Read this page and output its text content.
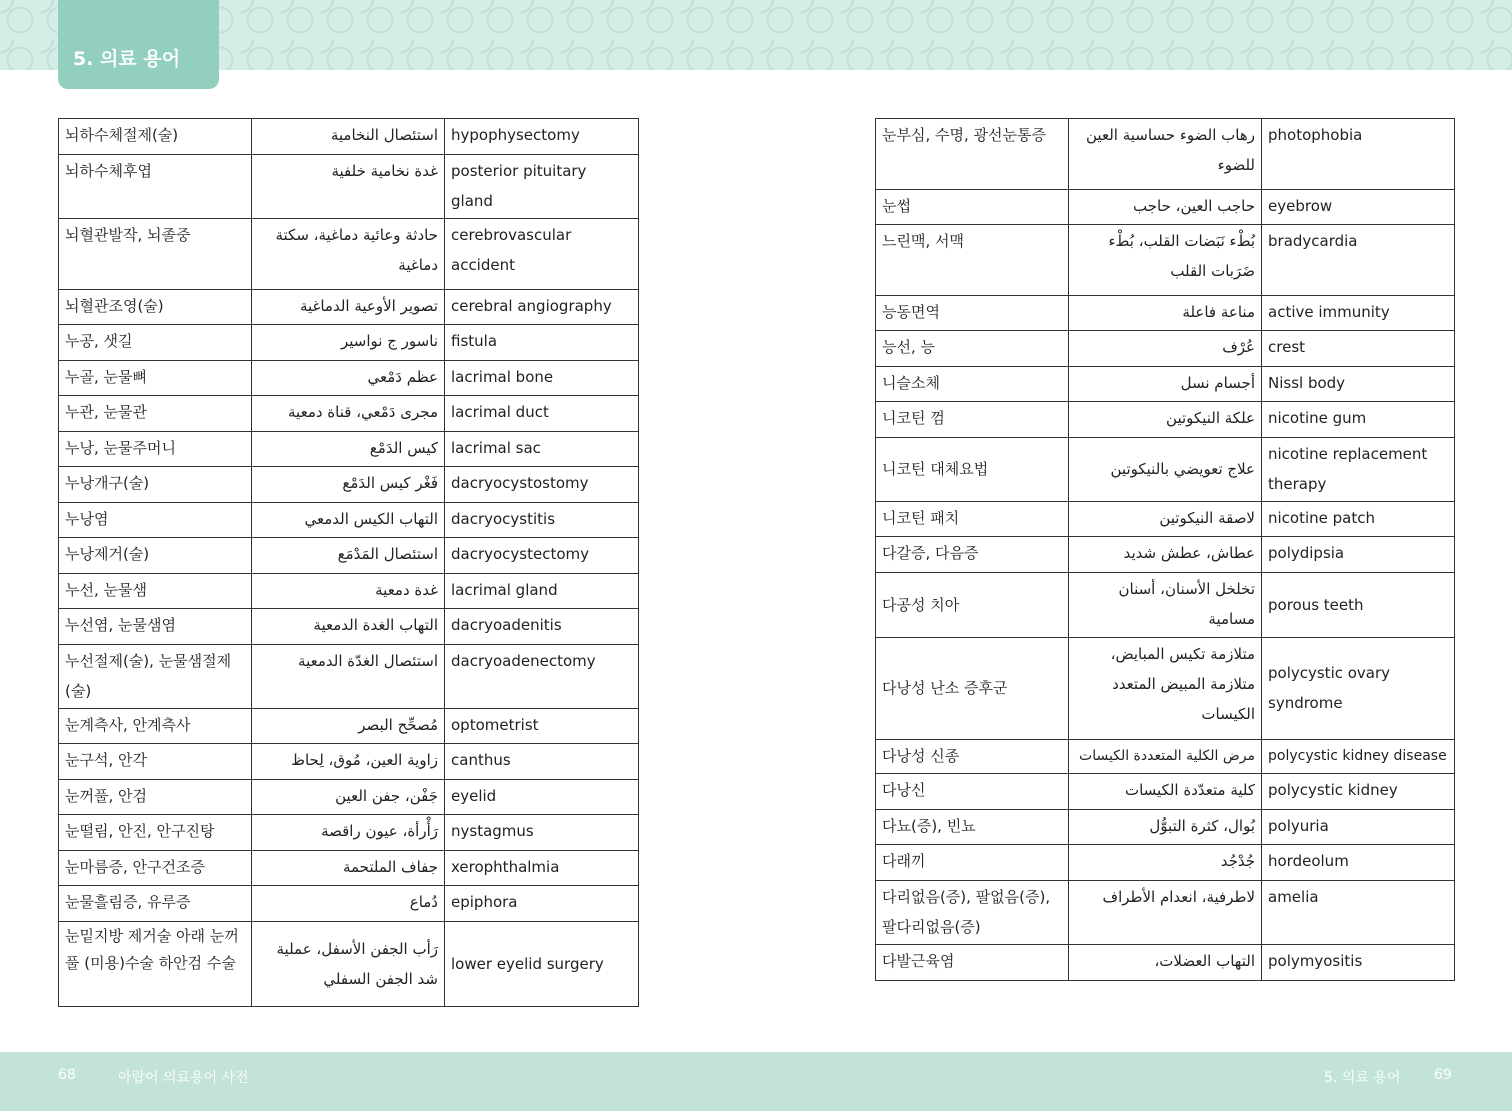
5. 의료 용어
뇌하수체절제(술)	استئصال النخامية	hypophysectomy
뇌하수체후엽	غدة نخامية خلفية	posterior pituitary gland
뇌혈관발작, 뇌졸중	حادثة وعائية دماغية، سكتة دماغية	cerebrovascular accident
뇌혈관조영(술)	تصوير الأوعية الدماغية	cerebral angiography
누공, 샛길	ناسور ج نواسير	fistula
누골, 눈물뼈	عظم دَمْعي	lacrimal bone
누관, 눈물관	مجرى دَمْعي، قناة دمعية	lacrimal duct
누낭, 눈물주머니	كيس الدَمْع	lacrimal sac
누낭개구(술)	فَغْر كيس الدَمْع	dacryocystostomy
누낭염	التهاب الكيس الدمعي	dacryocystitis
누낭제거(술)	استئصال المَدْمَع	dacryocystectomy
누선, 눈물샘	غدة دمعية	lacrimal gland
누선염, 눈물샘염	التهاب الغدة الدمعية	dacryoadenitis
누선절제(술), 눈물샘절제(술)	استئصال الغدّة الدمعية	dacryoadenectomy
눈계측사, 안계측사	مُصحِّح البصر	optometrist
눈구석, 안각	زاوية العين، مُوق، لِحاظ	canthus
눈꺼풀, 안검	جَفْن، جفن العين	eyelid
눈떨림, 안진, 안구진탕	رَأْرأة، عيون راقصة	nystagmus
눈마름증, 안구건조증	جفاف الملتحمة	xerophthalmia
눈물흘림증, 유루증	دُماع	epiphora
눈밑지방 제거술 아래 눈꺼풀 (미용)수술 하안검 수술	رَأب الجفن الأسفل، عملية شد الجفن السفلي	lower eyelid surgery
눈부심, 수명, 광선눈통증	رهاب الضوء حساسية العين للضوء	photophobia
눈썹	حاجب العين، حاجب	eyebrow
느린맥, 서맥	بُطْء نَبَضات القلب، بُطْء ضَرَبات القلب	bradycardia
능동면역	مناعة فاعلة	active immunity
능선, 능	عُرْف	crest
니슬소체	أجسام نسل	Nissl body
니코틴 껌	علكة النيكوتين	nicotine gum
니코틴 대체요법	علاج تعويضي بالنيكوتين	nicotine replacement therapy
니코틴 패치	لاصقة النيكوتين	nicotine patch
다갈증, 다음증	عطاش، عطش شديد	polydipsia
다공성 치아	تخلخل الأسنان، أسنان مسامية	porous teeth
다낭성 난소 증후군	متلازمة تكيس المبايض، متلازمة المبيض المتعدد الكيسات	polycystic ovary syndrome
다낭성 신종	مرض الكلية المتعددة الكيسات	polycystic kidney disease
다낭신	كلية متعدّدة الكيسات	polycystic kidney
다뇨(증), 빈뇨	بُوال، كثرة التبوُّل	polyuria
다래끼	جُدْجُد	hordeolum
다리없음(증), 팔없음(증), 팔다리없음(증)	لاطرفية، انعدام الأطراف	amelia
다발근육염	التهاب العضلات،	polymyositis
68	아랍어 의료용어 사전	5. 의료 용어 69
